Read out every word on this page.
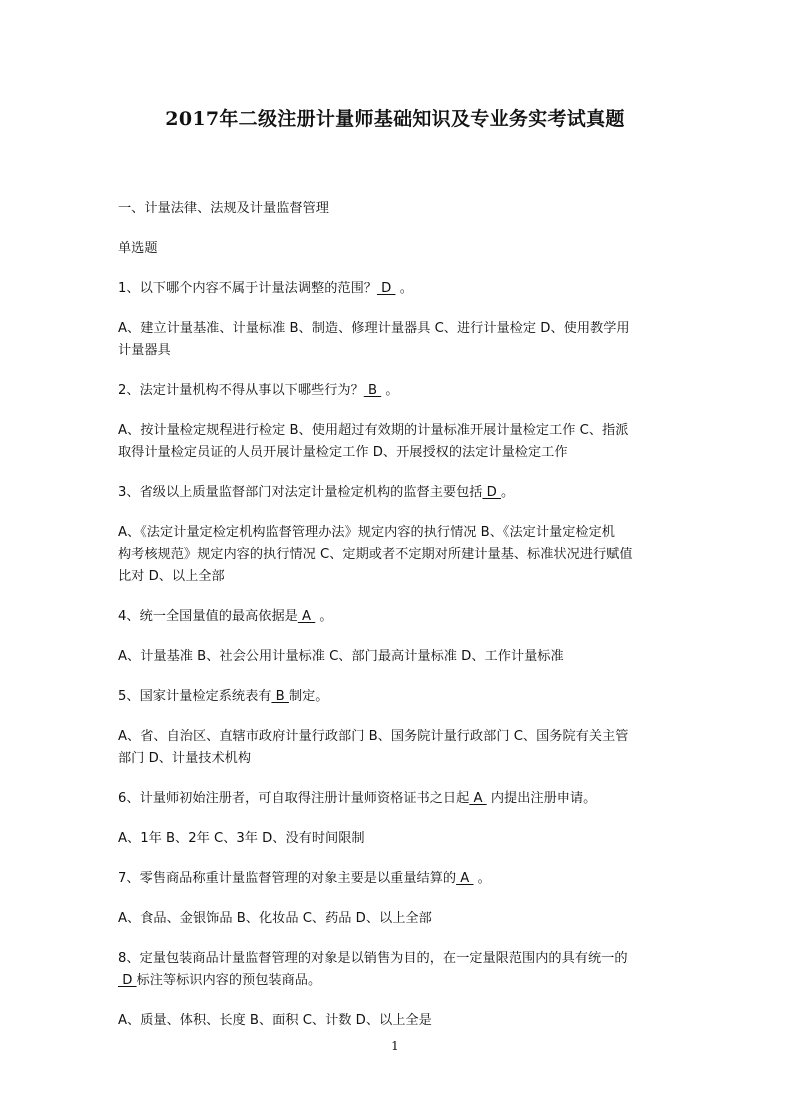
2017年二级注册计量师基础知识及专业务实考试真题

一、计量法律、法规及计量监督管理

单选题

1、以下哪个内容不属于计量法调整的范围？ D  。

A、建立计量基准、计量标准 B、制造、修理计量器具 C、进行计量检定 D、使用教学用

计量器具

2、法定计量机构不得从事以下哪些行为？ B  。

A、按计量检定规程进行检定 B、使用超过有效期的计量标准开展计量检定工作 C、指派

取得计量检定员证的人员开展计量检定工作 D、开展授权的法定计量检定工作

3、省级以上质量监督部门对法定计量检定机构的监督主要包括 D 。

A、《法定计量定检定机构监督管理办法》规定内容的执行情况 B、《法定计量定检定机

构考核规范》规定内容的执行情况 C、定期或者不定期对所建计量基、标准状况进行赋值

比对 D、以上全部

4、统一全国量值的最高依据是 A  。

A、计量基准 B、社会公用计量标准 C、部门最高计量标准 D、工作计量标准

5、国家计量检定系统表有 B 制定。

A、省、自治区、直辖市政府计量行政部门 B、国务院计量行政部门 C、国务院有关主管

部门 D、计量技术机构

6、计量师初始注册者，可自取得注册计量师资格证书之日起 A  内提出注册申请。

A、1年 B、2年 C、3年 D、没有时间限制

7、零售商品称重计量监督管理的对象主要是以重量结算的 A  。

A、食品、金银饰品 B、化妆品 C、药品 D、以上全部

8、定量包装商品计量监督管理的对象是以销售为目的，在一定量限范围内的具有统一的

D 标注等标识内容的预包装商品。

A、质量、体积、长度 B、面积 C、计数 D、以上全是

1
